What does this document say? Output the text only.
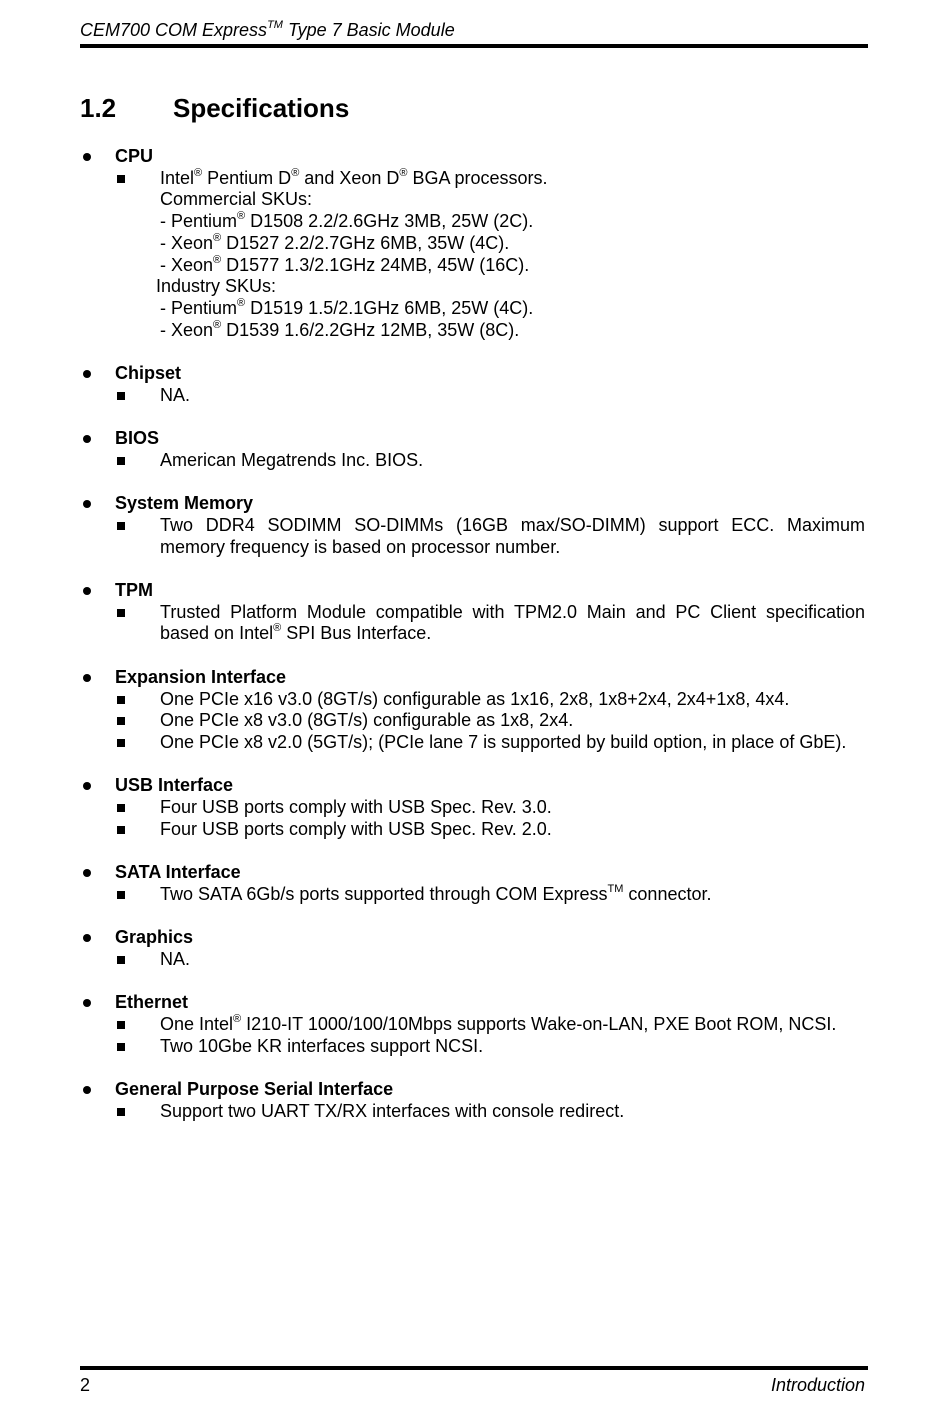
CEM700 COM Express™ Type 7 Basic Module
1.2 Specifications
CPU
Intel® Pentium D® and Xeon D® BGA processors.
Commercial SKUs:
- Pentium® D1508 2.2/2.6GHz 3MB, 25W (2C).
- Xeon® D1527 2.2/2.7GHz 6MB, 35W (4C).
- Xeon® D1577 1.3/2.1GHz 24MB, 45W (16C).
Industry SKUs:
- Pentium® D1519 1.5/2.1GHz 6MB, 25W (4C).
- Xeon® D1539 1.6/2.2GHz 12MB, 35W (8C).
Chipset
NA.
BIOS
American Megatrends Inc. BIOS.
System Memory
Two DDR4 SODIMM SO-DIMMs (16GB max/SO-DIMM) support ECC. Maximum memory frequency is based on processor number.
TPM
Trusted Platform Module compatible with TPM2.0 Main and PC Client specification based on Intel® SPI Bus Interface.
Expansion Interface
One PCIe x16 v3.0 (8GT/s) configurable as 1x16, 2x8, 1x8+2x4, 2x4+1x8, 4x4.
One PCIe x8 v3.0 (8GT/s) configurable as 1x8, 2x4.
One PCIe x8 v2.0 (5GT/s); (PCIe lane 7 is supported by build option, in place of GbE).
USB Interface
Four USB ports comply with USB Spec. Rev. 3.0.
Four USB ports comply with USB Spec. Rev. 2.0.
SATA Interface
Two SATA 6Gb/s ports supported through COM Express™ connector.
Graphics
NA.
Ethernet
One Intel® I210-IT 1000/100/10Mbps supports Wake-on-LAN, PXE Boot ROM, NCSI.
Two 10Gbe KR interfaces support NCSI.
General Purpose Serial Interface
Support two UART TX/RX interfaces with console redirect.
2	Introduction
